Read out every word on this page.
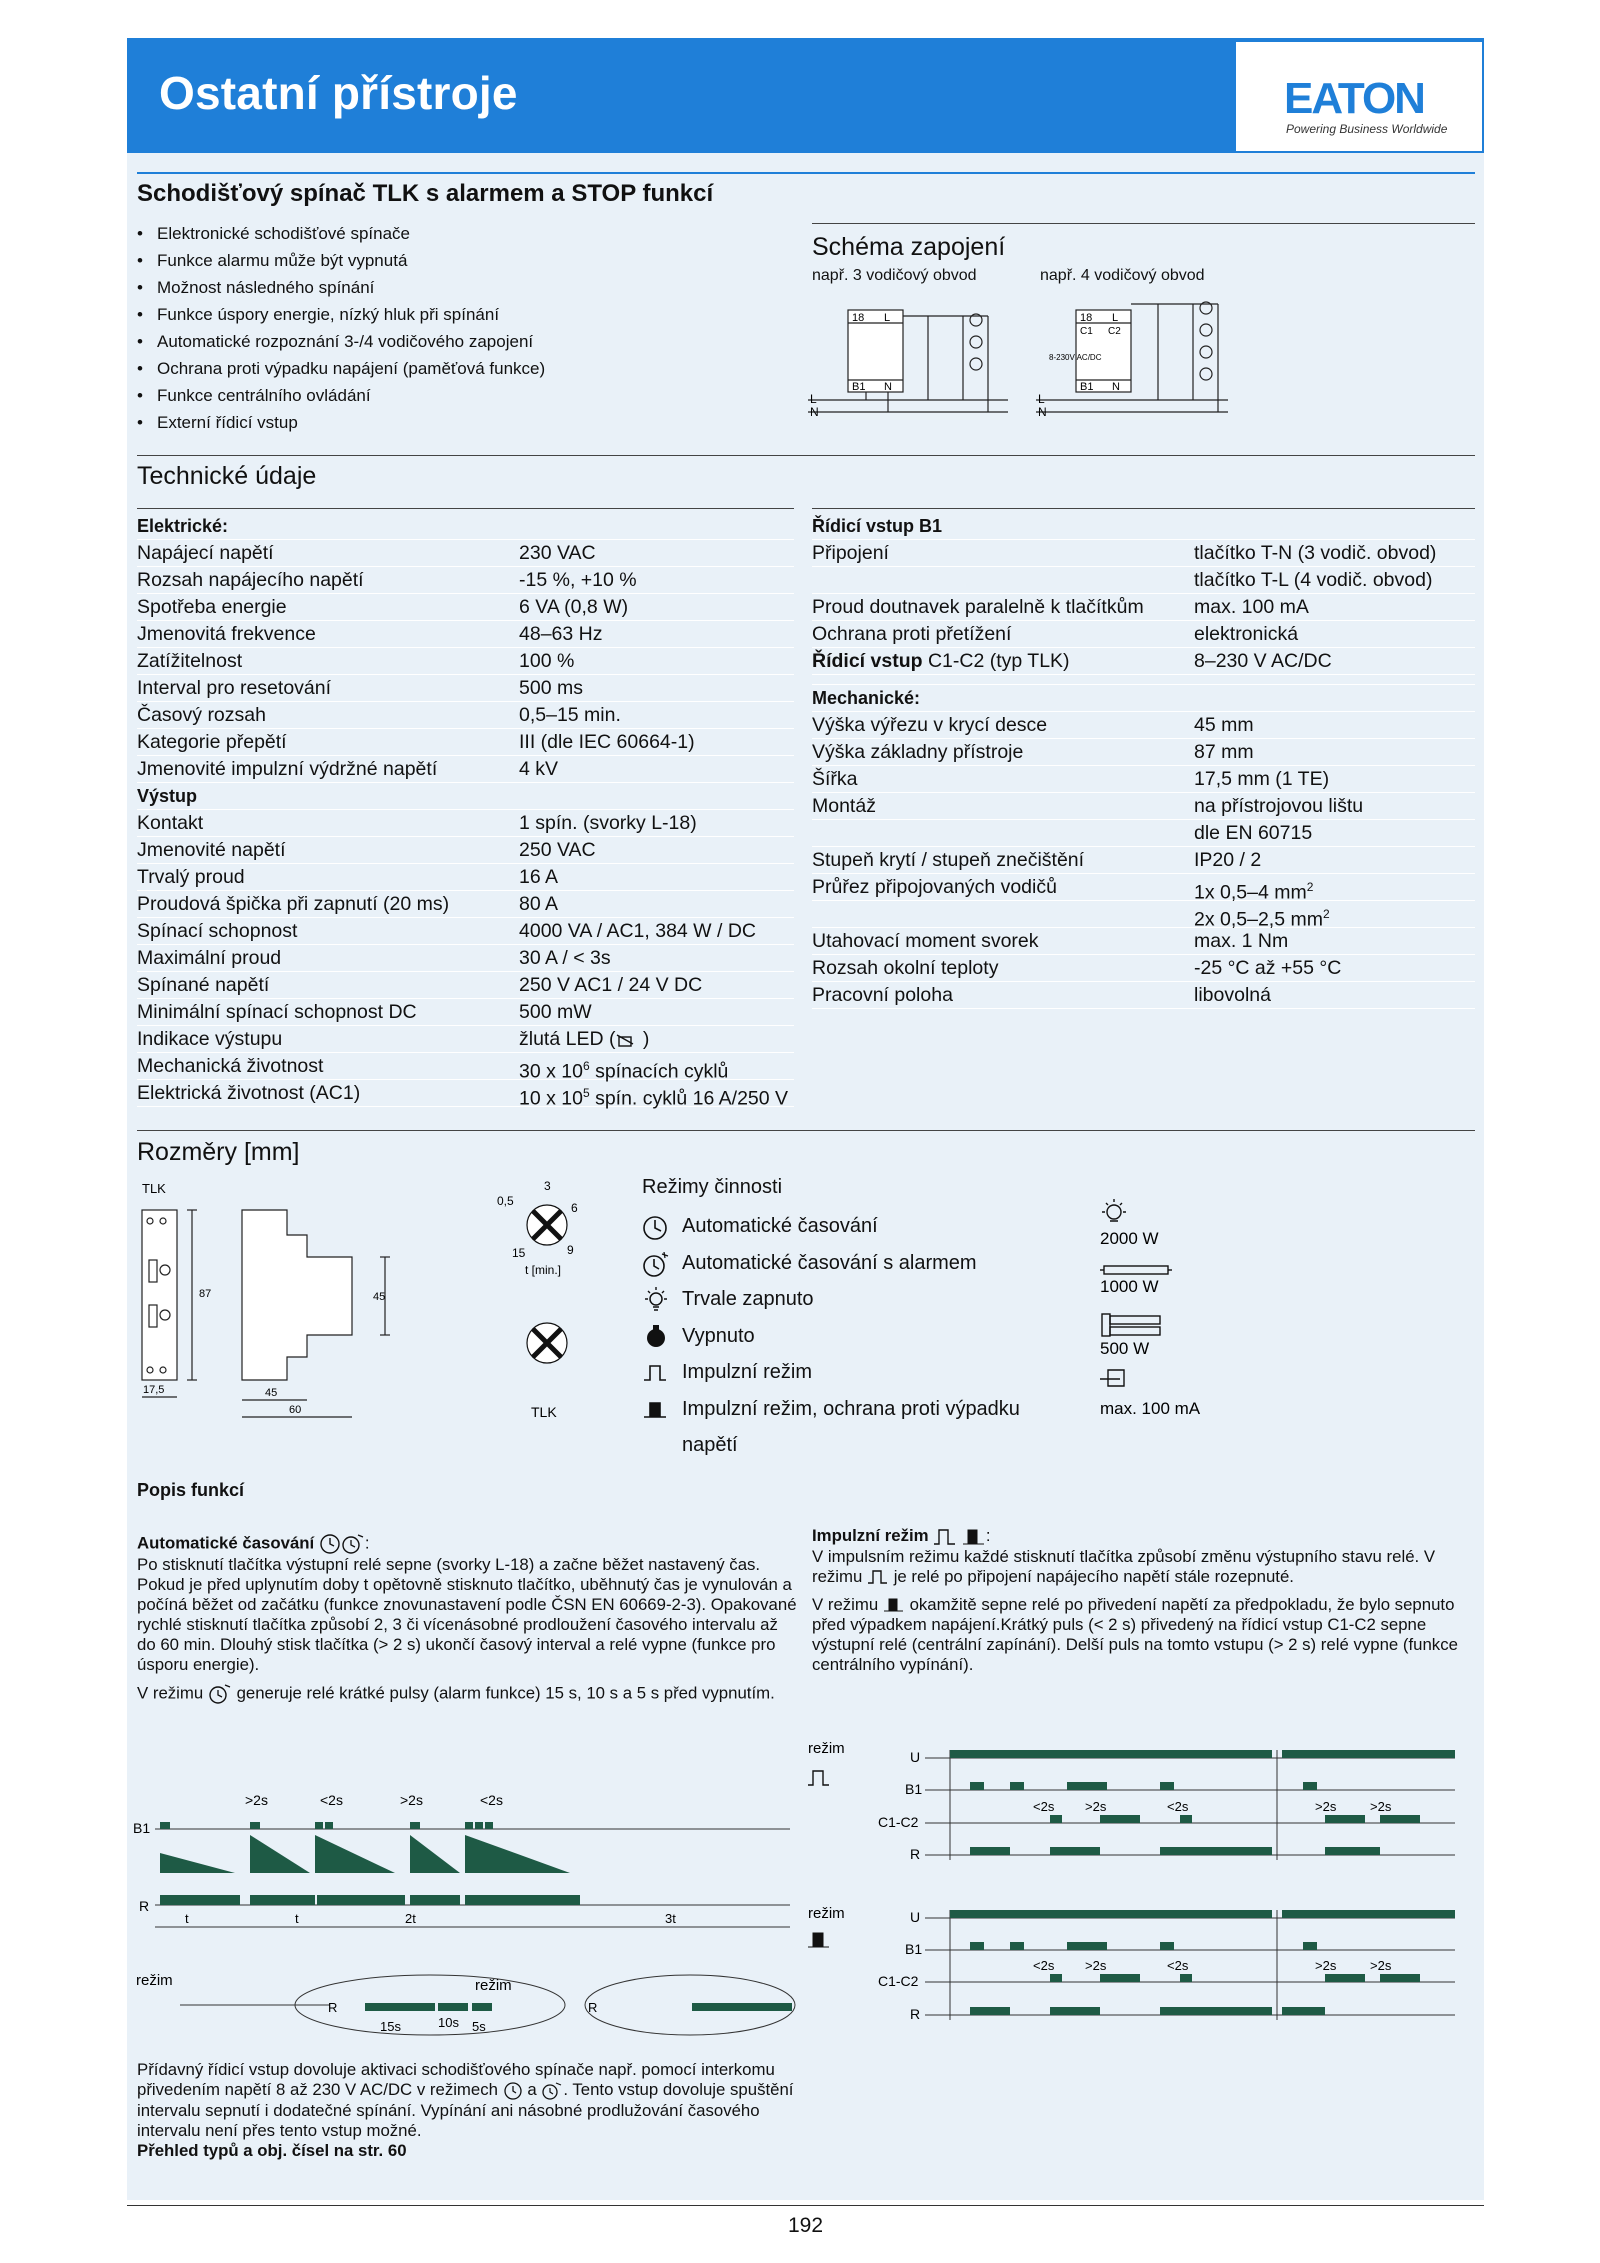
Ostatní přístroje	EATON
Powering Business Worldwide
Schodišťový spínač TLK s alarmem a STOP funkcí
• Elektronické schodišťové spínače
• Funkce alarmu může být vypnutá
• Možnost následného spínání
• Funkce úspory energie, nízký hluk při spínání
• Automatické rozpoznání 3-/4 vodičového zapojení
• Ochrana proti výpadku napájení (paměťová funkce)
• Funkce centrálního ovládání
• Externí řídicí vstup
Schéma zapojení
např. 3 vodičový obvod	např. 4 vodičový obvod
18 L
B1 N
L
N
18 L
C1 C2
8-230V AC/DC
B1 N
L
N
Technické údaje
Elektrické:
Napájecí napětí	230 VAC
Rozsah napájecího napětí	-15 %, +10 %
Spotřeba energie	6 VA (0,8 W)
Jmenovitá frekvence	48–63 Hz
Zatížitelnost	100 %
Interval pro resetování	500 ms
Časový rozsah	0,5–15 min.
Kategorie přepětí	III (dle IEC 60664-1)
Jmenovité impulzní výdržné napětí	4 kV
Výstup
Kontakt	1 spín. (svorky L-18)
Jmenovité napětí	250 VAC
Trvalý proud	16 A
Proudová špička při zapnutí (20 ms)	80 A
Spínací schopnost	4000 VA / AC1, 384 W / DC
Maximální proud	30 A / < 3s
Spínané napětí	250 V AC1 / 24 V DC
Minimální spínací schopnost DC	500 mW
Indikace výstupu	žlutá LED ( )
Mechanická životnost	30 x $10^6$ spínacích cyklů
Elektrická životnost (AC1)	10 x $10^5$ spín. cyklů 16 A/250 V
Řídicí vstup B1
Připojení	tlačítko T-N (3 vodič. obvod)
tlačítko T-L (4 vodič. obvod)
Proud doutnavek paralelně k tlačítkům	max. 100 mA
Ochrana proti přetížení	elektronická
Řídicí vstup C1-C2 (typ TLK)	8–230 V AC/DC
Mechanické:
Výška výřezu v krycí desce	45 mm
Výška základny přístroje	87 mm
Šířka	17,5 mm (1 TE)
Montáž	na přístrojovou lištu
dle EN 60715
Stupeň krytí / stupeň znečištění	IP20 / 2
Průřez připojovaných vodičů	1x 0,5–4 $mm^2$
2x 0,5–2,5 $mm^2$
Utahovací moment svorek	max. 1 Nm
Rozsah okolní teploty	-25 °C až +55 °C
Pracovní poloha	libovolná
Rozměry [mm]
TLK
87	45
17,5	45
60
0,5
3
6
9
15
t [min.]
TLK
Režimy činnosti
Automatické časování
Automatické časování s alarmem
Trvale zapnuto
Vypnuto
Impulzní režim
Impulzní režim, ochrana proti výpadku
napětí
2000 W
1000 W
500 W
max. 100 mA
Popis funkcí
Automatické časování	:
Po stisknutí tlačítka výstupní relé sepne (svorky L-18) a začne běžet nastavený čas. Pokud je před uplynutím doby t opětovně stisknuto tlačítko, uběhnutý čas je vynulován a počíná běžet od začátku (funkce znovunastavení podle ČSN EN 60669-2-3). Opakované rychlé stisknutí tlačítka způsobí 2, 3 či vícenásobné prodloužení časového intervalu až do 60 min. Dlouhý stisk tlačítka (> 2 s) ukončí časový interval a relé vypne (funkce pro úsporu energie).
V režimu generuje relé krátké pulsy (alarm funkce) 15 s, 10 s a 5 s před vypnutím.
Impulzní režim	:
V impulsním režimu každé stisknutí tlačítka způsobí změnu výstupního stavu relé. V režimu je relé po připojení napájecího napětí stále rozepnuté.
V režimu okamžitě sepne relé po přivedení napětí za předpokladu, že bylo sepnuto před výpadkem napájení.Krátký puls (< 2 s) přivedený na řídicí vstup C1-C2 sepne výstupní relé (centrální zapínání). Delší puls na tomto vstupu (> 2 s) relé vypne (funkce centrálního vypínání).
B1
R
>2s	<2s	>2s	<2s
t	t	2t	3t
režim	režim
R	R
15s	10s 5s
režim
režim
U
B1
C1-C2
R
U
B1
C1-C2
R
<2s >2s	<2s	>2s	>2s
<2s >2s	<2s	>2s	>2s
Přídavný řídicí vstup dovoluje aktivaci schodišťového spínače např. pomocí interkomu přivedením napětí 8 až 230 V AC/DC v režimech a . Tento vstup dovoluje spuštění intervalu sepnutí i dodatečné spínání. Vypínání ani násobné prodlužování časového intervalu není přes tento vstup možné.
Přehled typů a obj. čísel na str. 60
192
